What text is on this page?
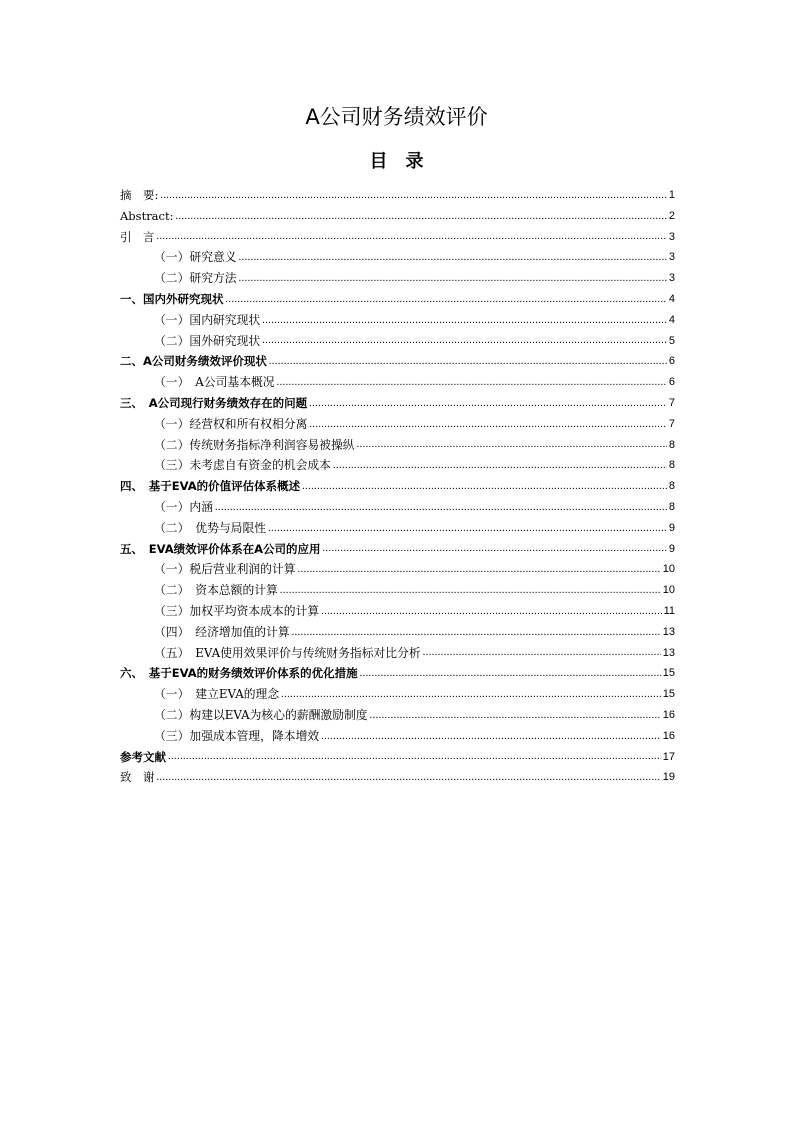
A公司财务绩效评价
目录
摘　要: .....	1
Abstract: .....	2
引　言 .....	3
（一）研究意义 .....	3
（二）研究方法 .....	3
一、国内外研究现状 .....	4
（一）国内研究现状 .....	4
（二）国外研究现状 .....	5
二、A公司财务绩效评价现状 .....	6
（一）　A公司基本概况 .....	6
三、　A公司现行财务绩效存在的问题 .....	7
（一）经营权和所有权相分离 .....	7
（二）传统财务指标净利润容易被操纵 .....	8
（三）未考虑自有资金的机会成本 .....	8
四、　基于EVA的价值评估体系概述 .....	8
（一）内涵 .....	8
（二）　优势与局限性 .....	9
五、　EVA绩效评价体系在A公司的应用 .....	9
（一）税后营业利润的计算 .....	10
（二）　资本总额的计算 .....	10
（三）加权平均资本成本的计算 .....	11
（四）　经济增加值的计算 .....	13
（五）　EVA使用效果评价与传统财务指标对比分析 .....	13
六、　基于EVA的财务绩效评价体系的优化措施 .....	15
（一）　建立EVA的理念 .....	15
（二）构建以EVA为核心的薪酬激励制度 .....	16
（三）加强成本管理，降本增效 .....	16
参考文献 .....	17
致　谢 .....	19
